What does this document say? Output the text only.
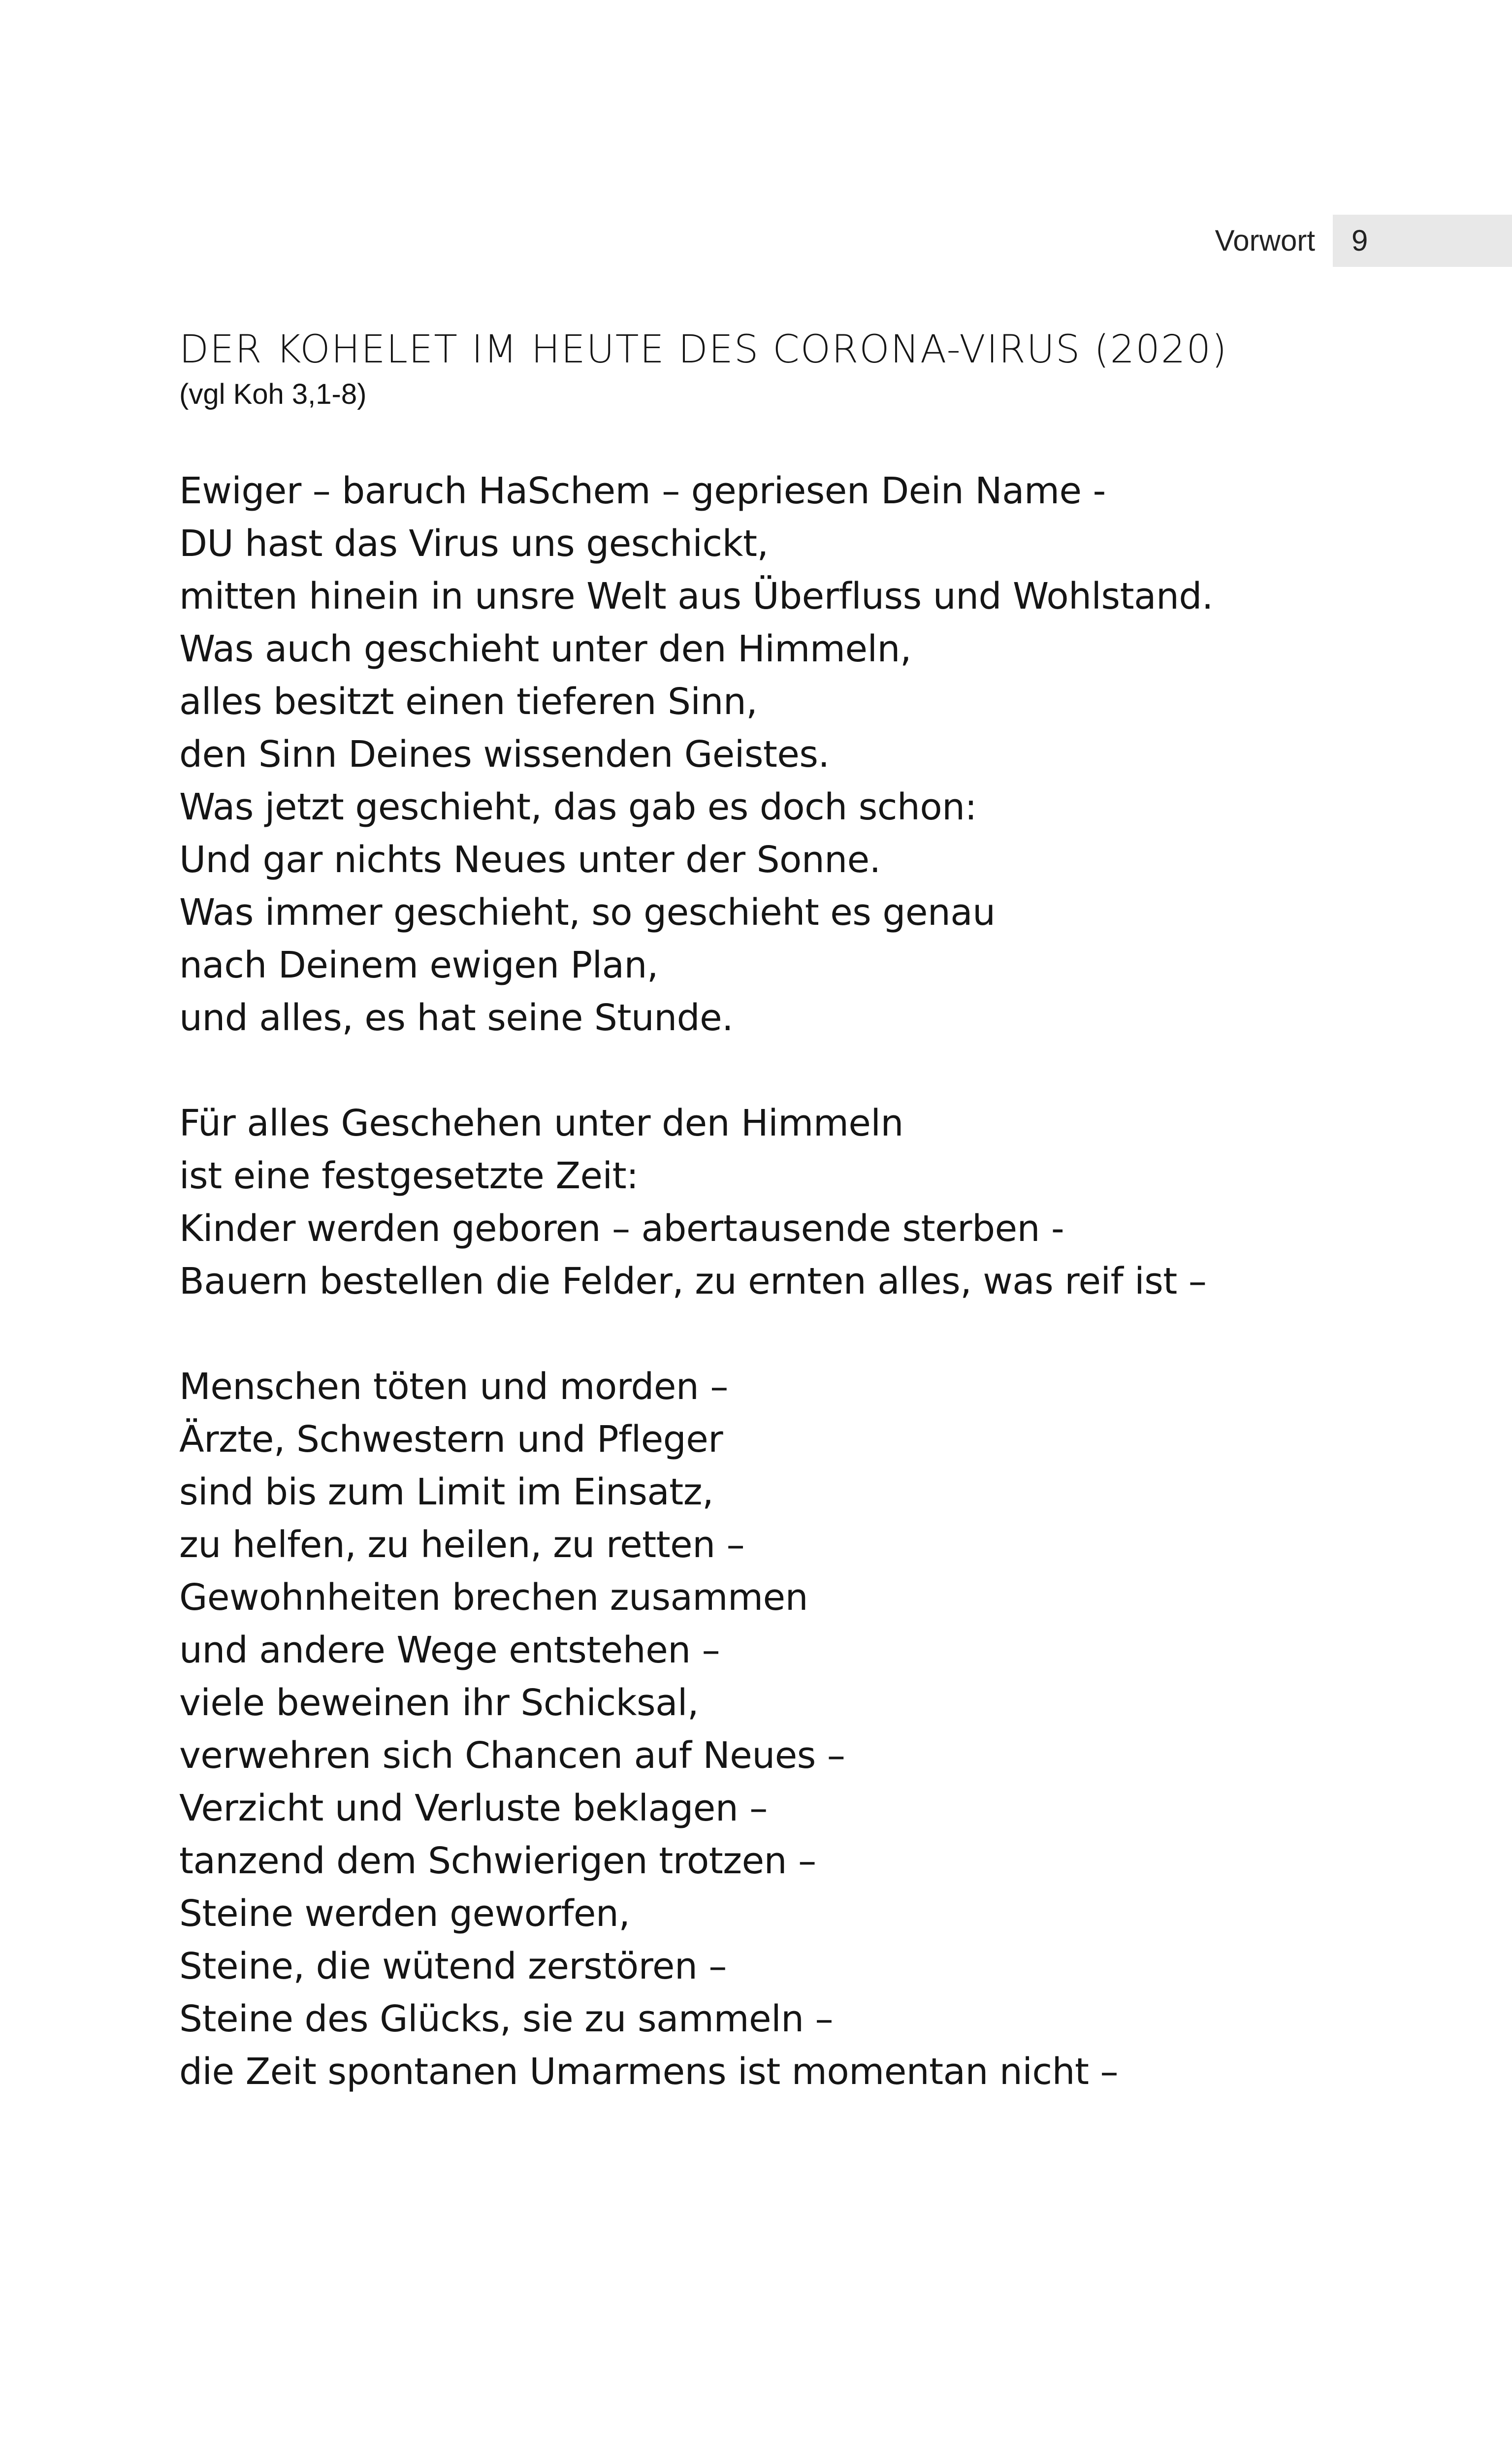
Vorwort	9
DER KOHELET IM HEUTE DES CORONA-VIRUS (2020)

(vgl Koh 3,1-8)

Ewiger – baruch HaSchem – gepriesen Dein Name -
DU hast das Virus uns geschickt,
mitten hinein in unsre Welt aus Überfluss und Wohlstand.
Was auch geschieht unter den Himmeln,
alles besitzt einen tieferen Sinn,
den Sinn Deines wissenden Geistes.
Was jetzt geschieht, das gab es doch schon:
Und gar nichts Neues unter der Sonne.
Was immer geschieht, so geschieht es genau
nach Deinem ewigen Plan,
und alles, es hat seine Stunde.
Für alles Geschehen unter den Himmeln
ist eine festgesetzte Zeit:
Kinder werden geboren – abertausende sterben -
Bauern bestellen die Felder, zu ernten alles, was reif ist –
Menschen töten und morden –
Ärzte, Schwestern und Pfleger
sind bis zum Limit im Einsatz,
zu helfen, zu heilen, zu retten –
Gewohnheiten brechen zusammen
und andere Wege entstehen –
viele beweinen ihr Schicksal,
verwehren sich Chancen auf Neues –
Verzicht und Verluste beklagen –
tanzend dem Schwierigen trotzen –
Steine werden geworfen,
Steine, die wütend zerstören –
Steine des Glücks, sie zu sammeln –
die Zeit spontanen Umarmens ist momentan nicht –
